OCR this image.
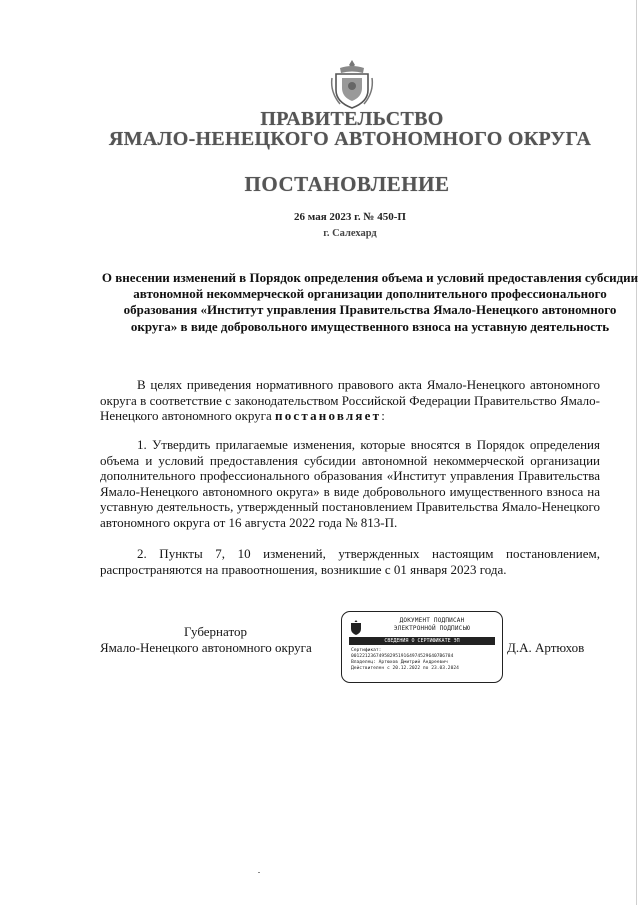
ПРАВИТЕЛЬСТВО
ЯМАЛО-НЕНЕЦКОГО АВТОНОМНОГО ОКРУГА
ПОСТАНОВЛЕНИЕ
26 мая 2023 г. № 450-П
г. Салехард
О внесении изменений в Порядок определения объема и условий предоставления субсидии автономной некоммерческой организации дополнительного профессионального образования «Институт управления Правительства Ямало-Ненецкого автономного округа» в виде добровольного имущественного взноса на уставную деятельность
В целях приведения нормативного правового акта Ямало-Ненецкого автономного округа в соответствие с законодательством Российской Федерации Правительство Ямало-Ненецкого автономного округа постановляет:
1. Утвердить прилагаемые изменения, которые вносятся в Порядок определения объема и условий предоставления субсидии автономной некоммерческой организации дополнительного профессионального образования «Институт управления Правительства Ямало-Ненецкого автономного округа» в виде добровольного имущественного взноса на уставную деятельность, утвержденный постановлением Правительства Ямало-Ненецкого автономного округа от 16 августа 2022 года № 813-П.
2. Пункты 7, 10 изменений, утвержденных настоящим постановлением, распространяются на правоотношения, возникшие с 01 января 2023 года.
Губернатор
Ямало-Ненецкого автономного округа	Д.А. Артюхов
ДОКУМЕНТ ПОДПИСАН
ЭЛЕКТРОННОЙ ПОДПИСЬЮ
СВЕДЕНИЯ О СЕРТИФИКАТЕ ЭП
Сертификат:
00122123674958295191649745296407B6784
Владелец: Артюхов Дмитрий Андреевич
Действителен с 20.12.2022 по 23.03.2024
